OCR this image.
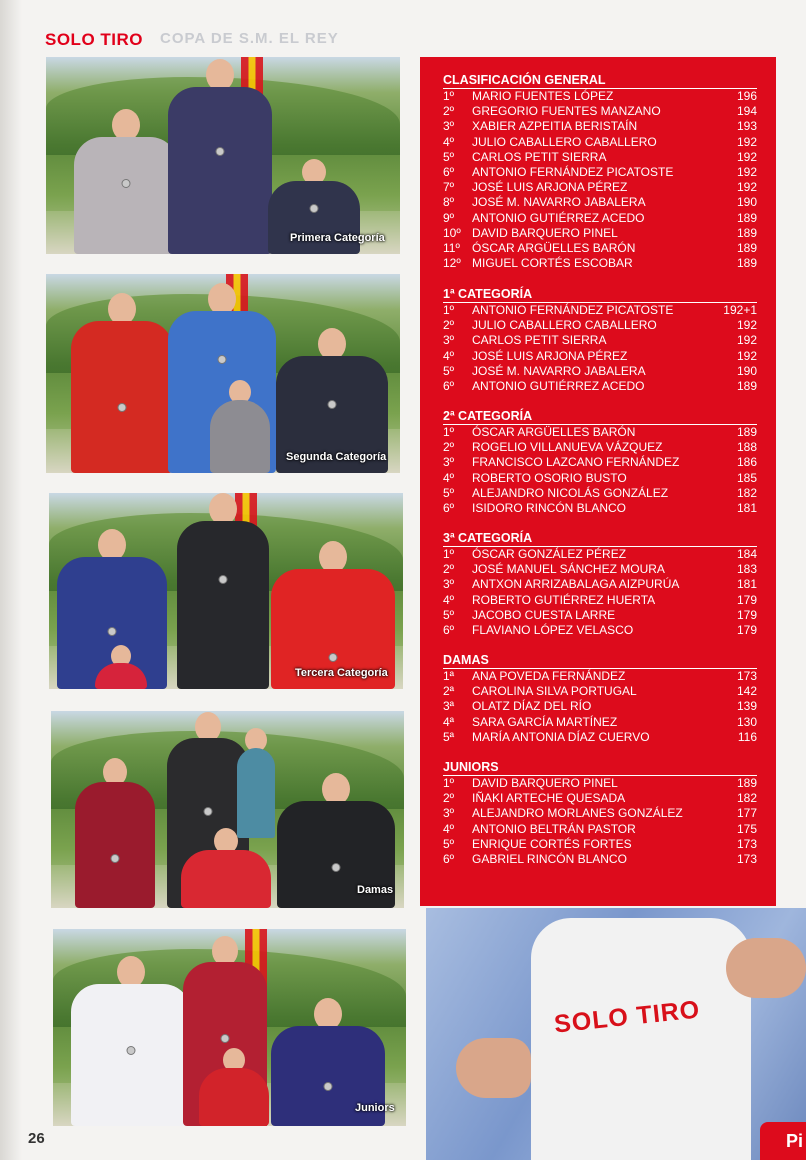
SOLO TIRO COPA DE S.M. EL REY
Primera Categoría
Segunda Categoría
Tercera Categoría
Damas
Juniors
CLASIFICACIÓN GENERAL
1º	MARIO FUENTES LÓPEZ	196
2º	GREGORIO FUENTES MANZANO	194
3º	XABIER AZPEITIA BERISTAÍN	193
4º	JULIO CABALLERO CABALLERO	192
5º	CARLOS PETIT SIERRA	192
6º	ANTONIO FERNÁNDEZ PICATOSTE	192
7º	JOSÉ LUIS ARJONA PÉREZ	192
8º	JOSÉ M. NAVARRO JABALERA	190
9º	ANTONIO GUTIÉRREZ ACEDO	189
10º DAVID BARQUERO PINEL	189
11º	ÓSCAR ARGÜELLES BARÓN	189
12º MIGUEL CORTÉS ESCOBAR	189
1ª CATEGORÍA
1º	ANTONIO FERNÁNDEZ PICATOSTE	192+1
2º	JULIO CABALLERO CABALLERO	192
3º	CARLOS PETIT SIERRA	192
4º	JOSÉ LUIS ARJONA PÉREZ	192
5º	JOSÉ M. NAVARRO JABALERA	190
6º	ANTONIO GUTIÉRREZ ACEDO	189
2ª CATEGORÍA
1º	ÓSCAR ARGÜELLES BARÓN	189
2º	ROGELIO VILLANUEVA VÁZQUEZ	188
3º	FRANCISCO LAZCANO FERNÁNDEZ	186
4º	ROBERTO OSORIO BUSTO	185
5º	ALEJANDRO NICOLÁS GONZÁLEZ	182
6º	ISIDORO RINCÓN BLANCO	181
3ª CATEGORÍA
1º	ÓSCAR GONZÁLEZ PÉREZ	184
2º	JOSÉ MANUEL SÁNCHEZ MOURA	183
3º	ANTXON ARRIZABALAGA AIZPURÚA	181
4º	ROBERTO GUTIÉRREZ HUERTA	179
5º	JACOBO CUESTA LARRE	179
6º	FLAVIANO LÓPEZ VELASCO	179
DAMAS
1ª	ANA POVEDA FERNÁNDEZ	173
2ª	CAROLINA SILVA PORTUGAL	142
3ª	OLATZ DÍAZ DEL RÍO	139
4ª	SARA GARCÍA MARTÍNEZ	130
5ª	MARÍA ANTONIA DÍAZ CUERVO	116
JUNIORS
1º	DAVID BARQUERO PINEL	189
2º	IÑAKI ARTECHE QUESADA	182
3º	ALEJANDRO MORLANES GONZÁLEZ	177
4º	ANTONIO BELTRÁN PASTOR	175
5º	ENRIQUE CORTÉS FORTES	173
6º	GABRIEL RINCÓN BLANCO	173
26
SOLO TIRO
Pi
